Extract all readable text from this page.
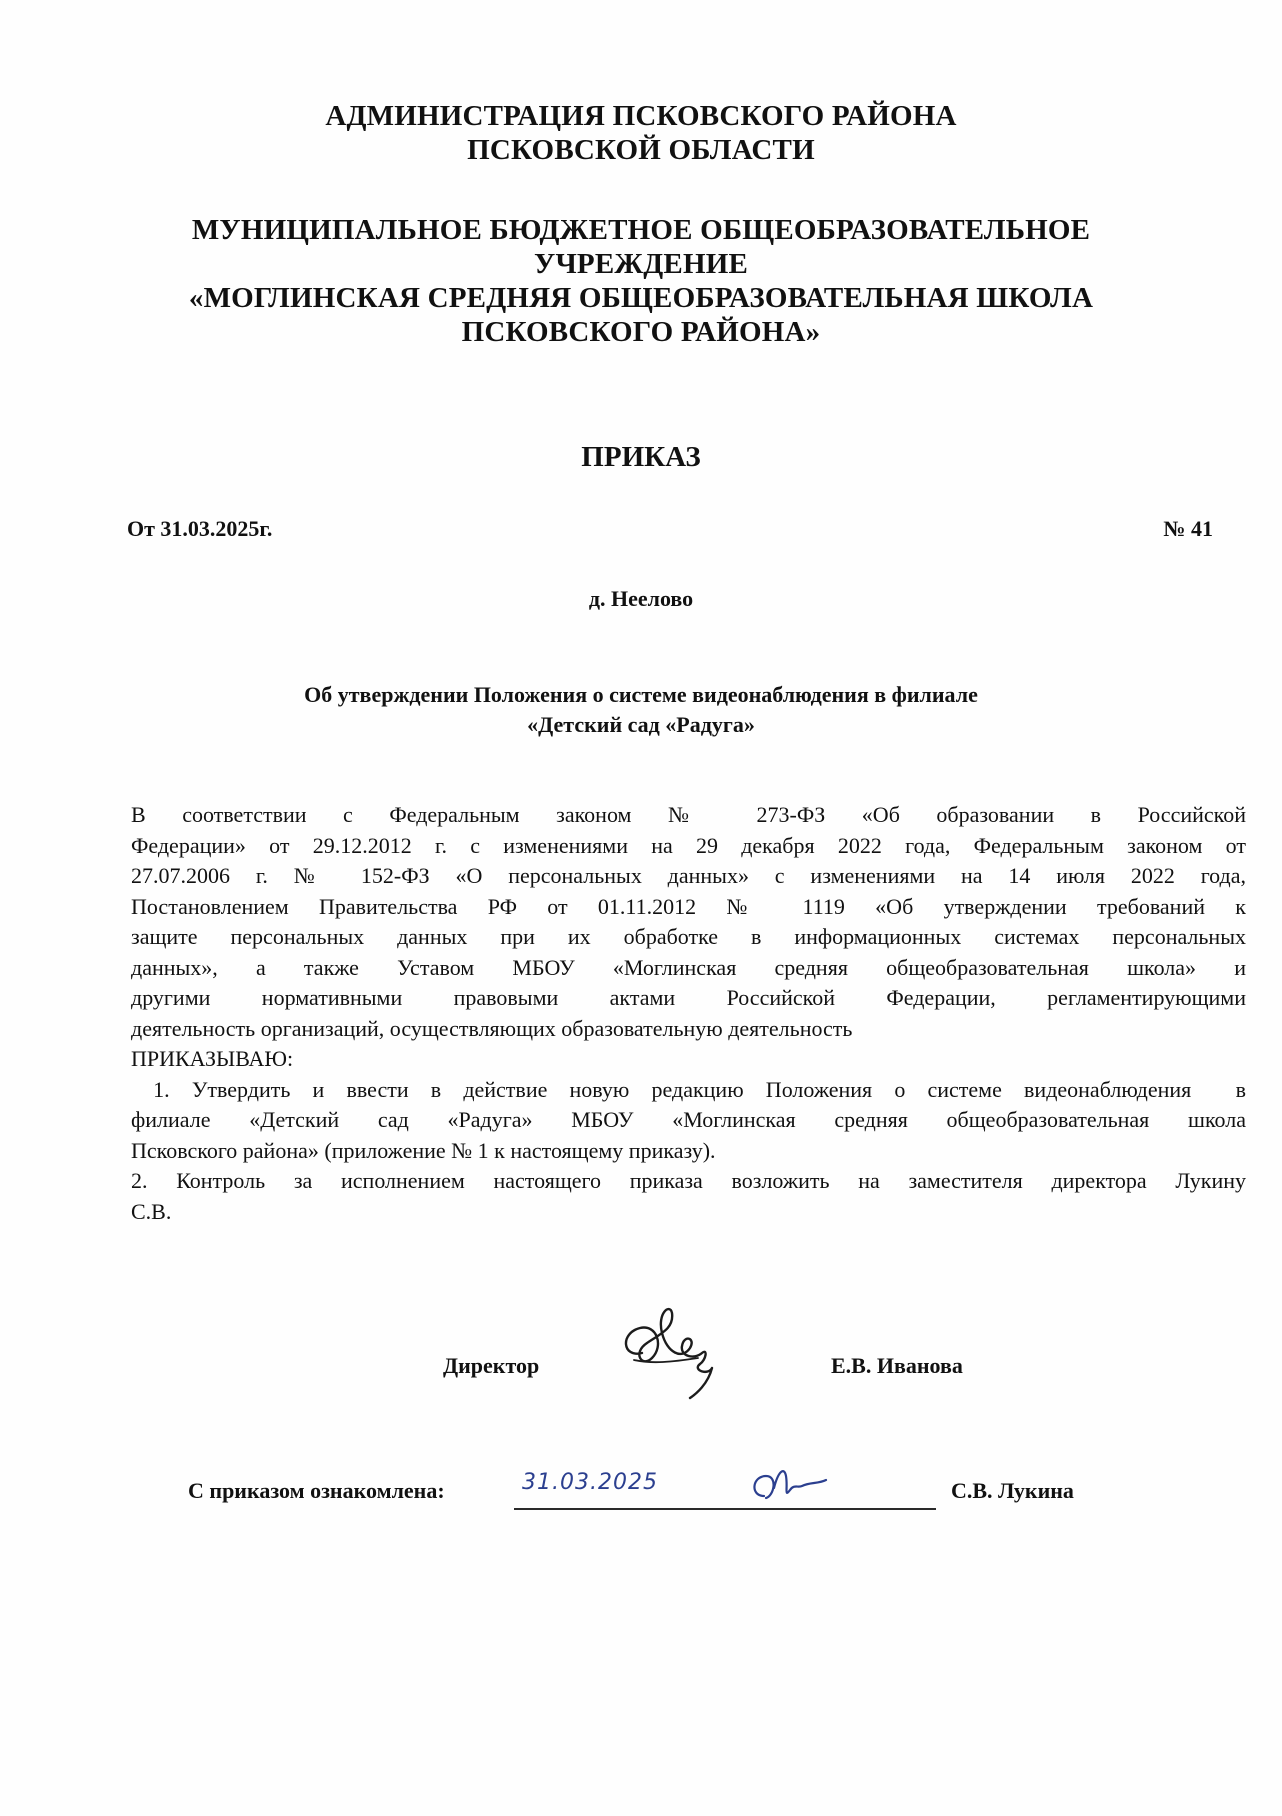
АДМИНИСТРАЦИЯ ПСКОВСКОГО РАЙОНА
ПСКОВСКОЙ ОБЛАСТИ
МУНИЦИПАЛЬНОЕ БЮДЖЕТНОЕ ОБЩЕОБРАЗОВАТЕЛЬНОЕ
УЧРЕЖДЕНИЕ
«МОГЛИНСКАЯ СРЕДНЯЯ ОБЩЕОБРАЗОВАТЕЛЬНАЯ ШКОЛА
ПСКОВСКОГО РАЙОНА»
ПРИКАЗ
От 31.03.2025г.	№ 41
д. Неелово
Об утверждении Положения о системе видеонаблюдения в филиале
«Детский сад «Радуга»
В соответствии с Федеральным законом № 273-ФЗ «Об образовании в Российской
Федерации» от 29.12.2012 г. с изменениями на 29 декабря 2022 года, Федеральным законом от
27.07.2006 г. № 152-ФЗ «О персональных данных» с изменениями на 14 июля 2022 года,
Постановлением Правительства РФ от 01.11.2012 № 1119 «Об утверждении требований к
защите персональных данных при их обработке в информационных системах персональных
данных», а также Уставом МБОУ «Моглинская средняя общеобразовательная школа» и
другими нормативными правовыми актами Российской Федерации, регламентирующими
деятельность организаций, осуществляющих образовательную деятельность
ПРИКАЗЫВАЮ:
1. Утвердить и ввести в действие новую редакцию Положения о системе видеонаблюдения  в
филиале «Детский сад «Радуга» МБОУ «Моглинская средняя общеобразовательная школа
Псковского района» (приложение № 1 к настоящему приказу).
2. Контроль за исполнением настоящего приказа возложить на заместителя директора Лукину
С.В.
Директор	Е.В. Иванова
С приказом ознакомлена:	31.03.2025	С.В. Лукина
